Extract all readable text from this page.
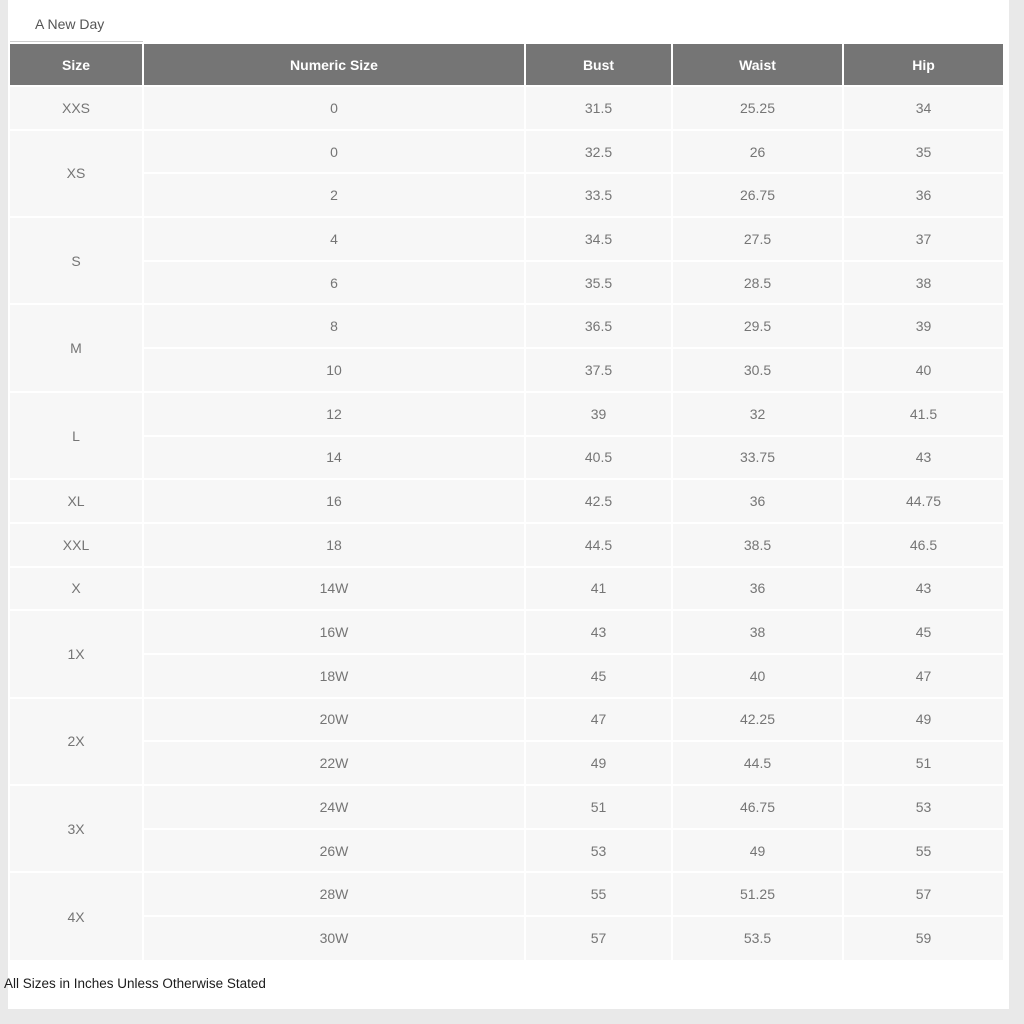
A New Day
Size	Numeric Size	Bust	Waist	Hip
XXS	0	31.5	25.25	34
XS	0	32.5	26	35
	2	33.5	26.75	36
S	4	34.5	27.5	37
	6	35.5	28.5	38
M	8	36.5	29.5	39
	10	37.5	30.5	40
L	12	39	32	41.5
	14	40.5	33.75	43
XL	16	42.5	36	44.75
XXL	18	44.5	38.5	46.5
X	14W	41	36	43
1X	16W	43	38	45
	18W	45	40	47
2X	20W	47	42.25	49
	22W	49	44.5	51
3X	24W	51	46.75	53
	26W	53	49	55
4X	28W	55	51.25	57
	30W	57	53.5	59
All Sizes in Inches Unless Otherwise Stated
